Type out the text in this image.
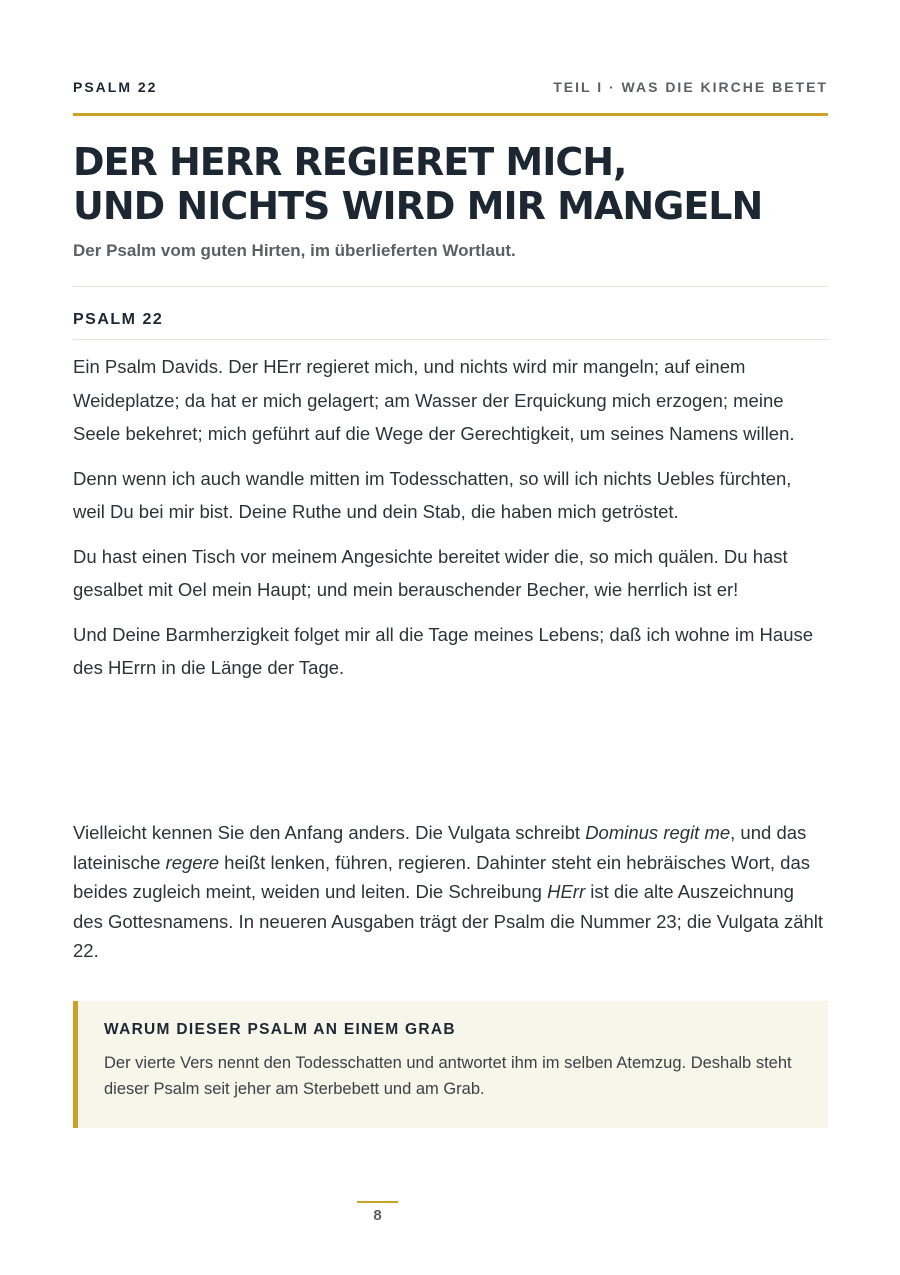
PSALM 22	TEIL I · WAS DIE KIRCHE BETET
DER HERR REGIERET MICH,
UND NICHTS WIRD MIR MANGELN
Der Psalm vom guten Hirten, im überlieferten Wortlaut.
PSALM 22

Ein Psalm Davids. Der HErr regieret mich, und nichts wird mir mangeln; auf einem Weideplatze; da hat er mich gelagert; am Wasser der Erquickung mich erzogen; meine Seele bekehret; mich geführt auf die Wege der Gerechtigkeit, um seines Namens willen.

Denn wenn ich auch wandle mitten im Todesschatten, so will ich nichts Uebles fürchten, weil Du bei mir bist. Deine Ruthe und dein Stab, die haben mich getröstet.

Du hast einen Tisch vor meinem Angesichte bereitet wider die, so mich quälen. Du hast gesalbet mit Oel mein Haupt; und mein berauschender Becher, wie herrlich ist er!

Und Deine Barmherzigkeit folget mir all die Tage meines Lebens; daß ich wohne im Hause des HErrn in die Länge der Tage.

Vielleicht kennen Sie den Anfang anders. Die Vulgata schreibt Dominus regit me, und das lateinische regere heißt lenken, führen, regieren. Dahinter steht ein hebräisches Wort, das beides zugleich meint, weiden und leiten. Die Schreibung HErr ist die alte Auszeichnung des Gottesnamens. In neueren Ausgaben trägt der Psalm die Nummer 23; die Vulgata zählt 22.

WARUM DIESER PSALM AN EINEM GRAB
Der vierte Vers nennt den Todesschatten und antwortet ihm im selben Atemzug. Deshalb steht dieser Psalm seit jeher am Sterbebett und am Grab.
8
